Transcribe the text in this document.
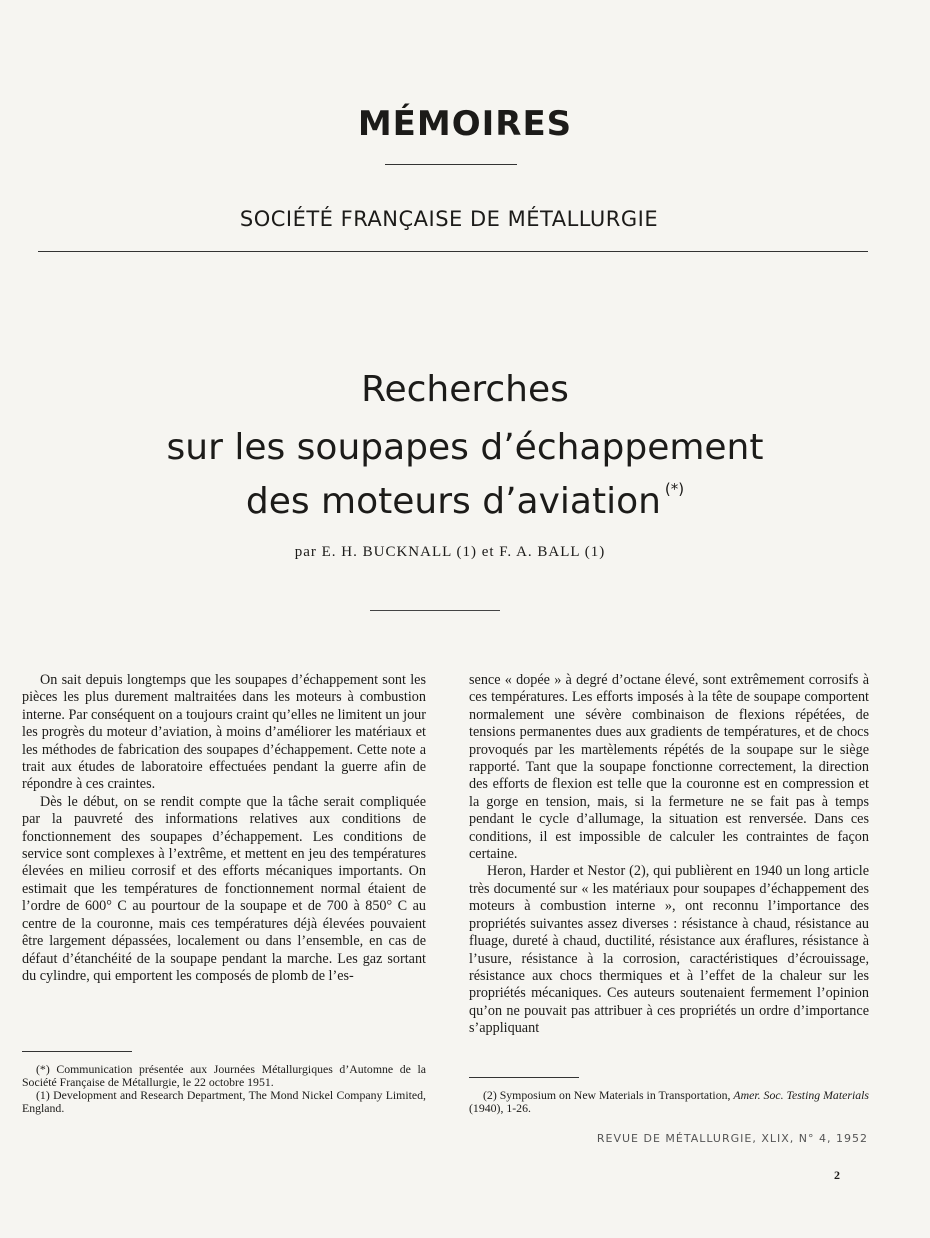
MÉMOIRES
SOCIÉTÉ FRANÇAISE DE MÉTALLURGIE
Recherches
sur les soupapes d’échappement
des moteurs d’aviation (*)
par E. H. BUCKNALL (1) et F. A. BALL (1)

On sait depuis longtemps que les soupapes d’échappement sont les pièces les plus durement maltraitées dans les moteurs à combustion interne. Par conséquent on a toujours craint qu’elles ne limitent un jour les progrès du moteur d’aviation, à moins d’améliorer les matériaux et les méthodes de fabrication des soupapes d’échappement. Cette note a trait aux études de laboratoire effectuées pendant la guerre afin de répondre à ces craintes.

Dès le début, on se rendit compte que la tâche serait compliquée par la pauvreté des informations relatives aux conditions de fonctionnement des soupapes d’échappement. Les conditions de service sont complexes à l’extrême, et mettent en jeu des températures élevées en milieu corrosif et des efforts mécaniques importants. On estimait que les températures de fonctionnement normal étaient de l’ordre de 600° C au pourtour de la soupape et de 700 à 850° C au centre de la couronne, mais ces températures déjà élevées pouvaient être largement dépassées, localement ou dans l’ensemble, en cas de défaut d’étanchéité de la soupape pendant la marche. Les gaz sortant du cylindre, qui emportent les composés de plomb de l’es-

sence « dopée » à degré d’octane élevé, sont extrêmement corrosifs à ces températures. Les efforts imposés à la tête de soupape comportent normalement une sévère combinaison de flexions répétées, de tensions permanentes dues aux gradients de températures, et de chocs provoqués par les martèlements répétés de la soupape sur le siège rapporté. Tant que la soupape fonctionne correctement, la direction des efforts de flexion est telle que la couronne est en compression et la gorge en tension, mais, si la fermeture ne se fait pas à temps pendant le cycle d’allumage, la situation est renversée. Dans ces conditions, il est impossible de calculer les contraintes de façon certaine.

Heron, Harder et Nestor (2), qui publièrent en 1940 un long article très documenté sur « les matériaux pour soupapes d’échappement des moteurs à combustion interne », ont reconnu l’importance des propriétés suivantes assez diverses : résistance à chaud, résistance au fluage, dureté à chaud, ductilité, résistance aux éraflures, résistance à l’usure, résistance à la corrosion, caractéristiques d’écrouissage, résistance aux chocs thermiques et à l’effet de la chaleur sur les propriétés mécaniques. Ces auteurs soutenaient fermement l’opinion qu’on ne pouvait pas attribuer à ces propriétés un ordre d’importance s’appliquant

(*) Communication présentée aux Journées Métallurgiques d’Automne de la Société Française de Métallurgie, le 22 octobre 1951.

(1) Development and Research Department, The Mond Nickel Company Limited, England.

(2) Symposium on New Materials in Transportation, Amer. Soc. Testing Materials (1940), 1-26.

REVUE DE MÉTALLURGIE, XLIX, N° 4, 1952
2
